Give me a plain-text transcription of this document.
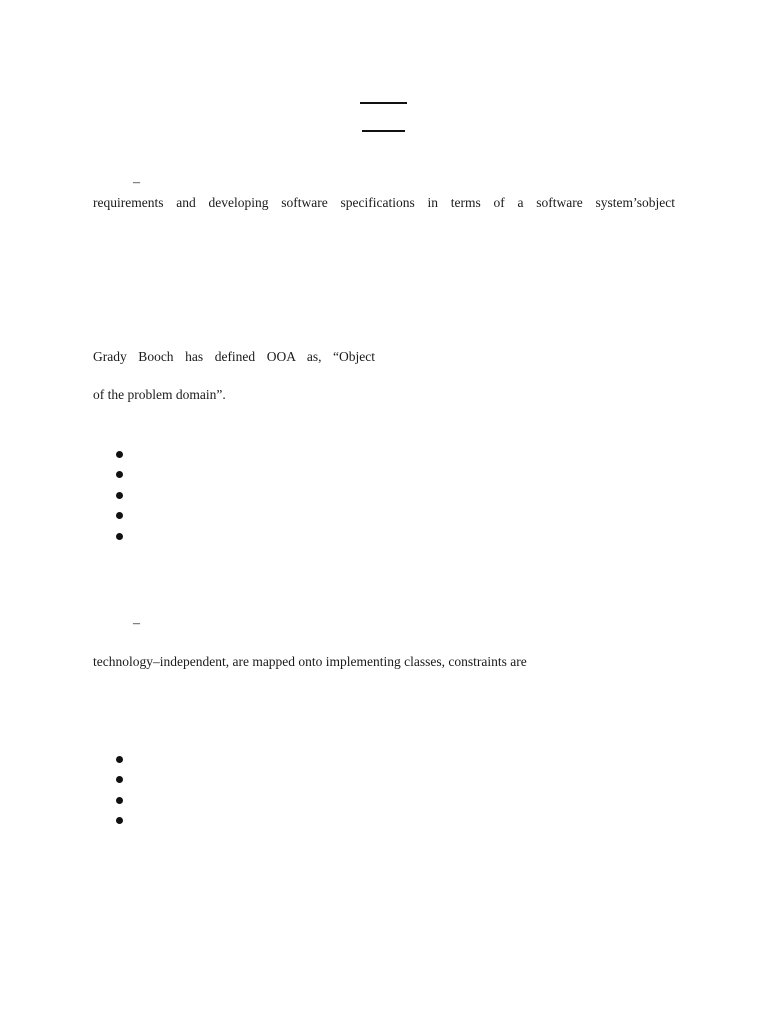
–
requirements and developing software specifications in terms of a software system’sobject
Grady Booch has defined OOA as, “Object
of the problem domain”.
–
technology–independent, are mapped onto implementing classes, constraints are
